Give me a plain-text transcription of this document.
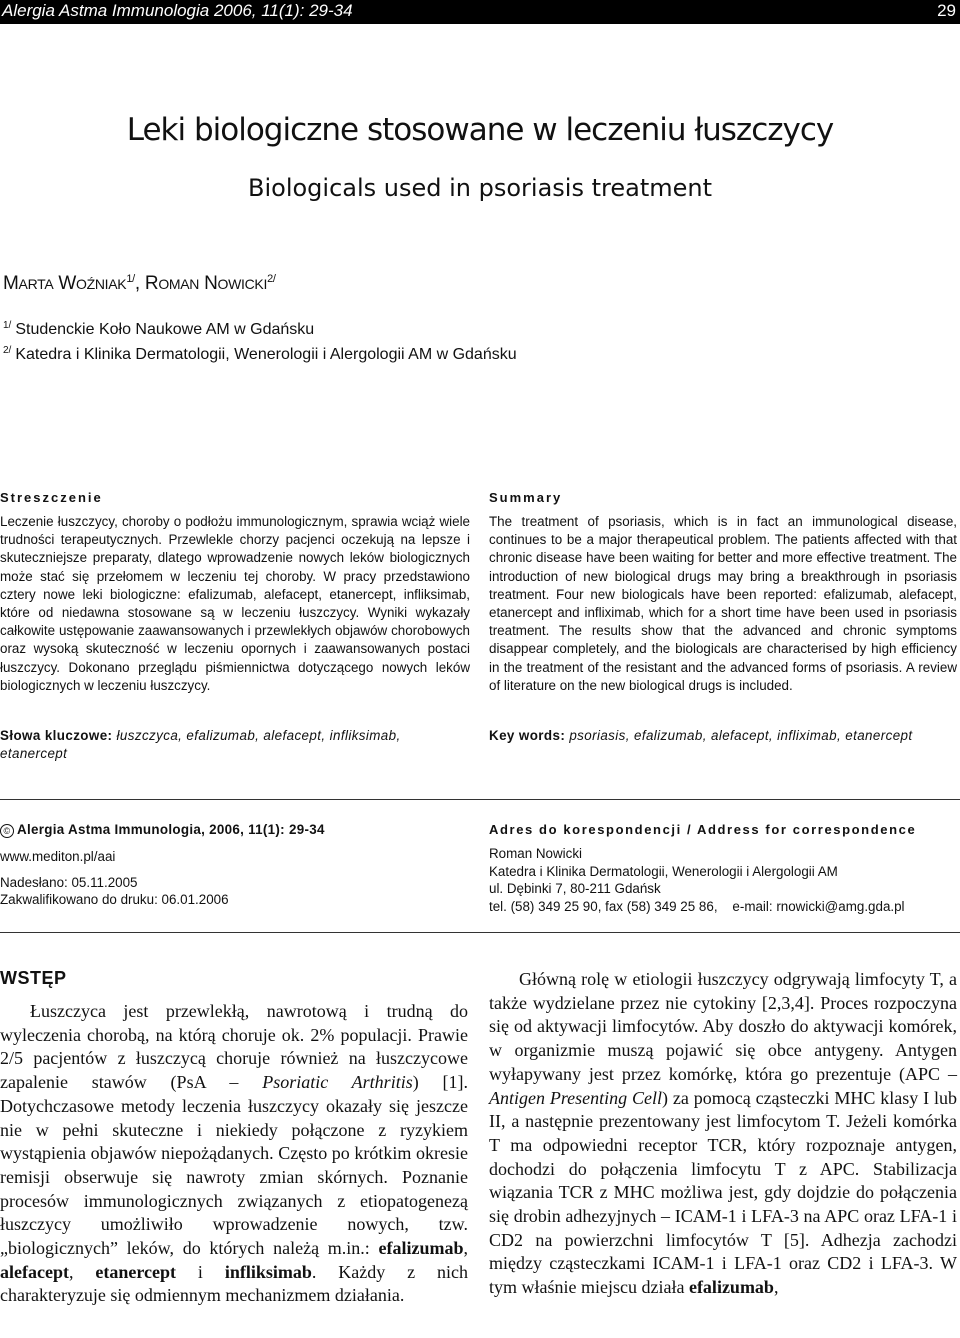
Alergia Astma Immunologia 2006, 11(1): 29-34	29
Leki biologiczne stosowane w leczeniu łuszczycy
Biologicals used in psoriasis treatment
MARTA $WOŹNIAK^{1/}$, ROMAN $NOWICKI^{2/}$
$^{1/}$ Studenckie Koło Naukowe AM w Gdańsku
$^{2/}$ Katedra i Klinika Dermatologii, Wenerologii i Alergologii AM w Gdańsku
Streszczenie
Leczenie łuszczycy, choroby o podłożu immunologicznym, sprawia wciąż wiele trudności terapeutycznych. Przewlekle chorzy pacjenci oczekują na lepsze i skuteczniejsze preparaty, dlatego wprowadzenie nowych leków biologicznych może stać się przełomem w leczeniu tej choroby. W pracy przedstawiono cztery nowe leki biologiczne: efalizumab, alefacept, etanercept, infliksimab, które od niedawna stosowane są w leczeniu łuszczycy. Wyniki wykazały całkowite ustępowanie zaawansowanych i przewlekłych objawów chorobowych oraz wysoką skuteczność w leczeniu opornych i zaawansowanych postaci łuszczycy. Dokonano przeglądu piśmiennictwa dotyczącego nowych leków biologicznych w leczeniu łuszczycy.
Słowa kluczowe: łuszczyca, efalizumab, alefacept, infliksimab, etanercept
Summary
The treatment of psoriasis, which is in fact an immunological disease, continues to be a major therapeutical problem. The patients affected with that chronic disease have been waiting for better and more effective treatment. The introduction of new biological drugs may bring a breakthrough in psoriasis treatment. Four new biologicals have been reported: efalizumab, alefacept, etanercept and infliximab, which for a short time have been used in psoriasis treatment. The results show that the advanced and chronic symptoms disappear completely, and the biologicals are characterised by high efficiency in the treatment of the resistant and the advanced forms of psoriasis. A review of literature on the new biological drugs is included.
Key words: psoriasis, efalizumab, alefacept, infliximab, etanercept
© Alergia Astma Immunologia, 2006, 11(1): 29-34
www.mediton.pl/aai
Nadesłano: 05.11.2005
Zakwalifikowano do druku: 06.01.2006
Adres do korespondencji / Address for correspondence
Roman Nowicki
Katedra i Klinika Dermatologii, Wenerologii i Alergologii AM
ul. Dębinki 7, 80-211 Gdańsk
tel. (58) 349 25 90, fax (58) 349 25 86,    e-mail: rnowicki@amg.gda.pl
WSTĘP

Łuszczyca jest przewlekłą, nawrotową i trudną do wyleczenia chorobą, na którą choruje ok. 2% populacji. Prawie 2/5 pacjentów z łuszczycą choruje również na łuszczycowe zapalenie stawów (PsA – Psoriatic Arthritis) [1]. Dotychczasowe metody leczenia łuszczycy okazały się jeszcze nie w pełni skuteczne i niekiedy połączone z ryzykiem wystąpienia objawów niepożądanych. Często po krótkim okresie remisji obserwuje się nawroty zmian skórnych. Poznanie procesów immunologicznych związanych z etiopatogenezą łuszczycy umożliwiło wprowadzenie nowych, tzw. „biologicznych” leków, do których należą m.in.: efalizumab, alefacept, etanercept i infliksimab. Każdy z nich charakteryzuje się odmiennym mechanizmem działania.

Główną rolę w etiologii łuszczycy odgrywają limfocyty T, a także wydzielane przez nie cytokiny [2,3,4]. Proces rozpoczyna się od aktywacji limfocytów. Aby doszło do aktywacji komórek, w organizmie muszą pojawić się obce antygeny. Antygen wyłapywany jest przez komórkę, która go prezentuje (APC – Antigen Presenting Cell) za pomocą cząsteczki MHC klasy I lub II, a następnie prezentowany jest limfocytom T. Jeżeli komórka T ma odpowiedni receptor TCR, który rozpoznaje antygen, dochodzi do połączenia limfocytu T z APC. Stabilizacja wiązania TCR z MHC możliwa jest, gdy dojdzie do połączenia się drobin adhezyjnych – ICAM-1 i LFA-3 na APC oraz LFA-1 i CD2 na powierzchni limfocytów T [5]. Adhezja zachodzi między cząsteczkami ICAM-1 i LFA-1 oraz CD2 i LFA-3. W tym właśnie miejscu działa efalizumab,
